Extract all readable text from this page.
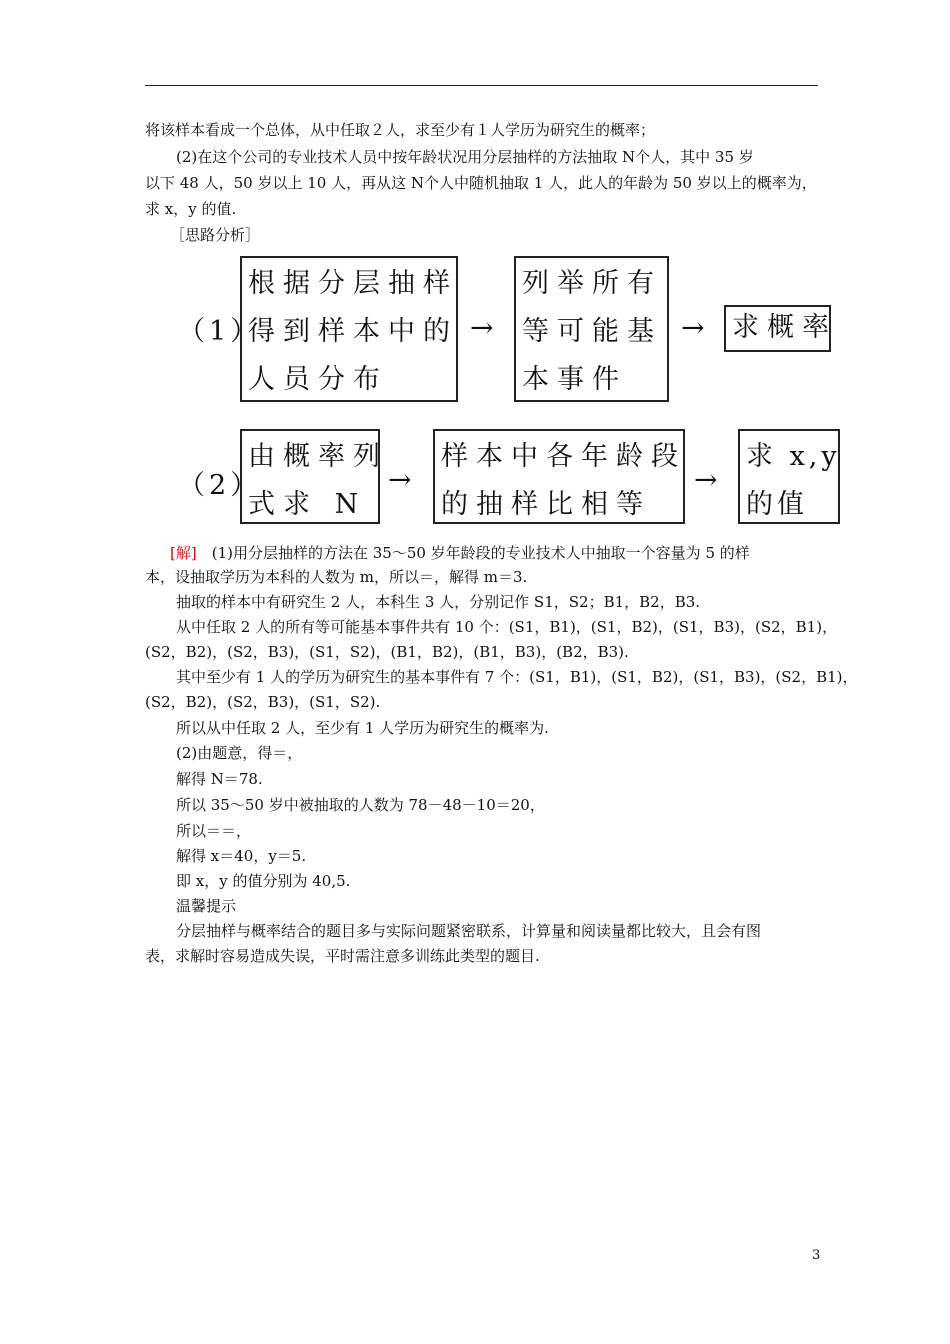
将该样本看成一个总体，从中任取２人，求至少有１人学历为研究生的概率；
(2)在这个公司的专业技术人员中按年龄状况用分层抽样的方法抽取 N个人，其中 35 岁
以下 48 人，50 岁以上 10 人，再从这 N个人中随机抽取 1 人，此人的年龄为 50 岁以上的概率为，
求 x，y 的值.
［思路分析］
（1）
根据分层抽样
得到样本中的
人员分布
→
列举所有
等可能基
本事件
→ 求概率
（2）
由概率列
式求 N
→
样本中各年龄段
的抽样比相等
→
求 x,y
的值
[解]　(1)用分层抽样的方法在 35～50 岁年龄段的专业技术人中抽取一个容量为 5 的样
本，设抽取学历为本科的人数为 m，所以＝，解得 m＝3.
抽取的样本中有研究生 2 人，本科生 3 人，分别记作 S1，S2；B1，B2，B3.
从中任取 2 人的所有等可能基本事件共有 10 个：(S1，B1)，(S1，B2)，(S1，B3)，(S2，B1)，
(S2，B2)，(S2，B3)，(S1，S2)，(B1，B2)，(B1，B3)，(B2，B3).
其中至少有 1 人的学历为研究生的基本事件有 7 个：(S1，B1)，(S1，B2)，(S1，B3)，(S2，B1)，
(S2，B2)，(S2，B3)，(S1，S2).
所以从中任取 2 人，至少有 1 人学历为研究生的概率为.
(2)由题意，得＝，
解得 N＝78.
所以 35～50 岁中被抽取的人数为 78－48－10＝20，
所以＝＝，
解得 x＝40，y＝5.
即 x，y 的值分别为 40,5.
温馨提示
分层抽样与概率结合的题目多与实际问题紧密联系，计算量和阅读量都比较大，且会有图
表，求解时容易造成失误，平时需注意多训练此类型的题目.
3
